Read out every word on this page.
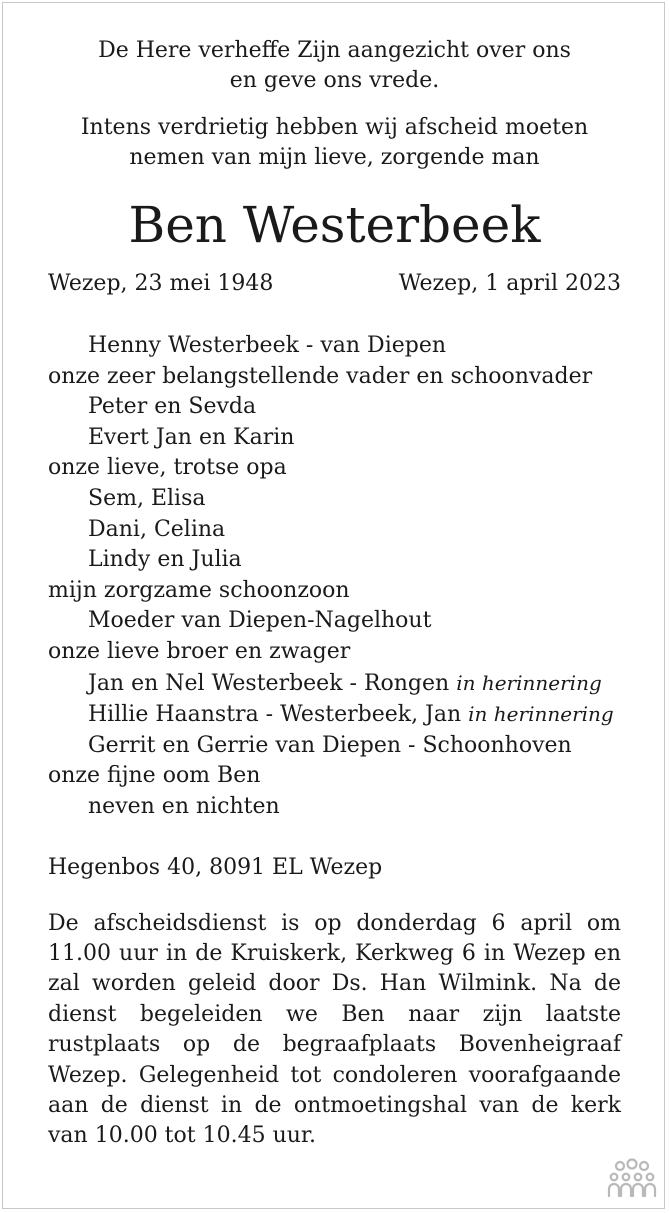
De Here verheffe Zijn aangezicht over ons
en geve ons vrede.

Intens verdrietig hebben wij afscheid moeten
nemen van mijn lieve, zorgende man

Ben Westerbeek
Wezep, 23 mei 1948	Wezep, 1 april 2023
Henny Westerbeek - van Diepen
onze zeer belangstellende vader en schoonvader
Peter en Sevda
Evert Jan en Karin
onze lieve, trotse opa
Sem, Elisa
Dani, Celina
Lindy en Julia
mijn zorgzame schoonzoon
Moeder van Diepen-Nagelhout
onze lieve broer en zwager
Jan en Nel Westerbeek - Rongen in herinnering
Hillie Haanstra - Westerbeek, Jan in herinnering
Gerrit en Gerrie van Diepen - Schoonhoven
onze fijne oom Ben
neven en nichten
Hegenbos 40, 8091 EL Wezep

De afscheidsdienst is op donderdag 6 april om 11.00 uur in de Kruiskerk, Kerkweg 6 in Wezep en zal worden geleid door Ds. Han Wilmink. Na de dienst begeleiden we Ben naar zijn laatste rustplaats op de begraafplaats Bovenheigraaf Wezep. Gelegenheid tot condoleren voorafgaande aan de dienst in de ontmoetingshal van de kerk van 10.00 tot 10.45 uur.
